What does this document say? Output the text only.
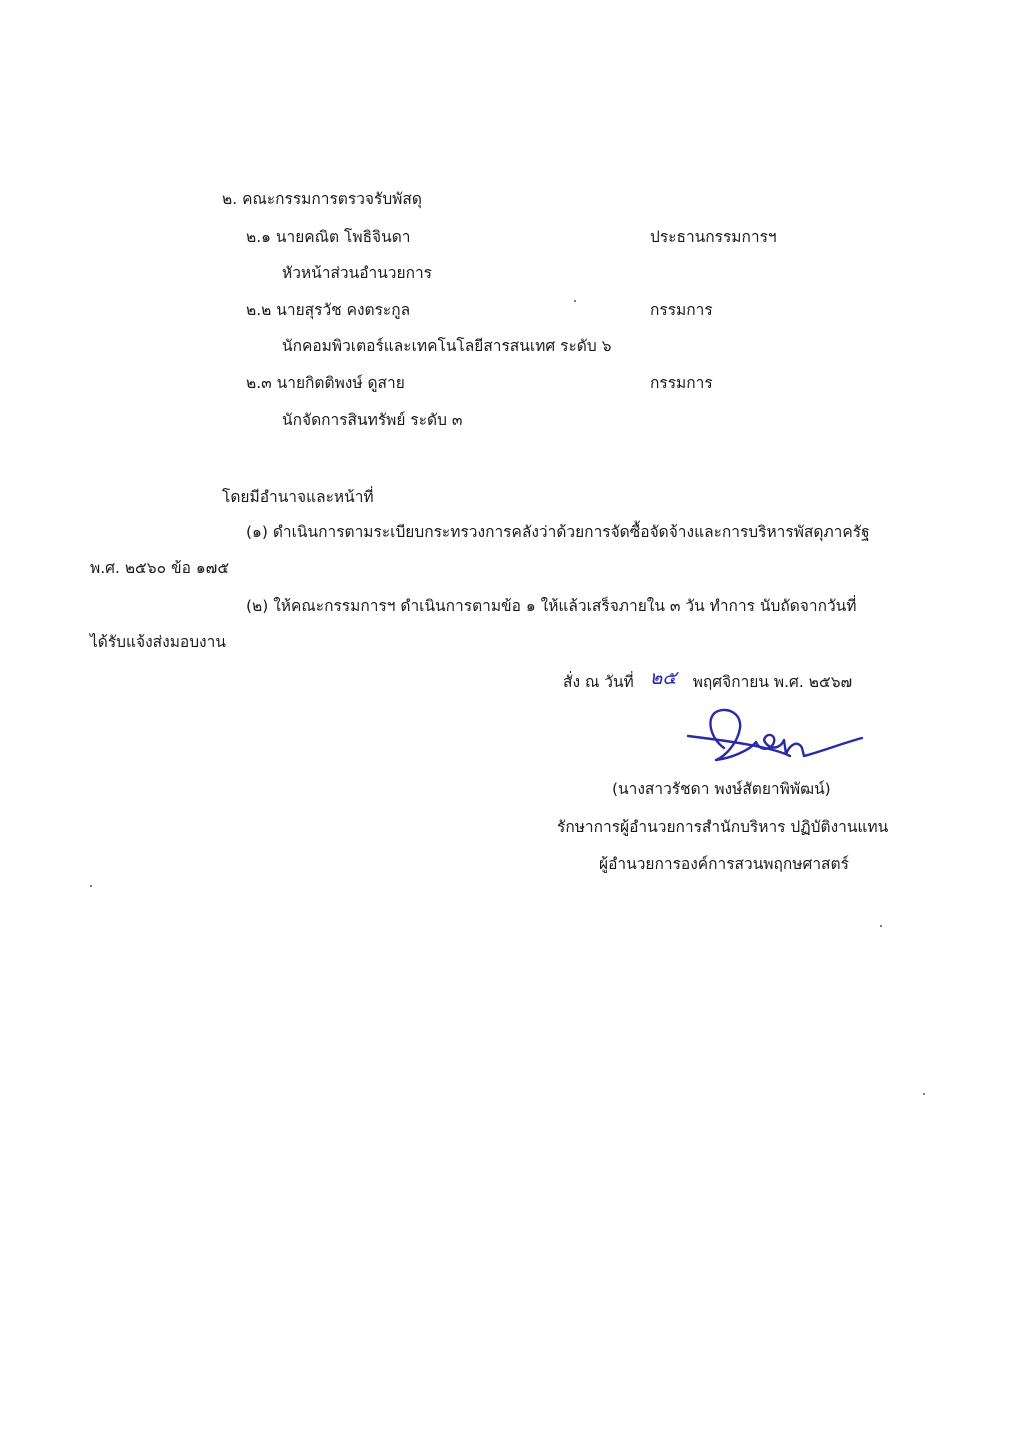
๒. คณะกรรมการตรวจรับพัสดุ
๒.๑ นายคณิต โพธิจินดา	ประธานกรรมการฯ
หัวหน้าส่วนอำนวยการ
๒.๒ นายสุรวัช คงตระกูล	กรรมการ
นักคอมพิวเตอร์และเทคโนโลยีสารสนเทศ ระดับ ๖
๒.๓ นายกิตติพงษ์ ดูสาย	กรรมการ
นักจัดการสินทรัพย์ ระดับ ๓
โดยมีอำนาจและหน้าที่
(๑) ดำเนินการตามระเบียบกระทรวงการคลังว่าด้วยการจัดซื้อจัดจ้างและการบริหารพัสดุภาครัฐ
พ.ศ. ๒๕๖๐ ข้อ ๑๗๕
(๒) ให้คณะกรรมการฯ ดำเนินการตามข้อ ๑ ให้แล้วเสร็จภายใน ๓ วัน ทำการ นับถัดจากวันที่
ได้รับแจ้งส่งมอบงาน
สั่ง ณ วันที่ ๒๕ พฤศจิกายน พ.ศ. ๒๕๖๗
(นางสาวรัชดา พงษ์สัตยาพิพัฒน์)
รักษาการผู้อำนวยการสำนักบริหาร ปฏิบัติงานแทน
ผู้อำนวยการองค์การสวนพฤกษศาสตร์
